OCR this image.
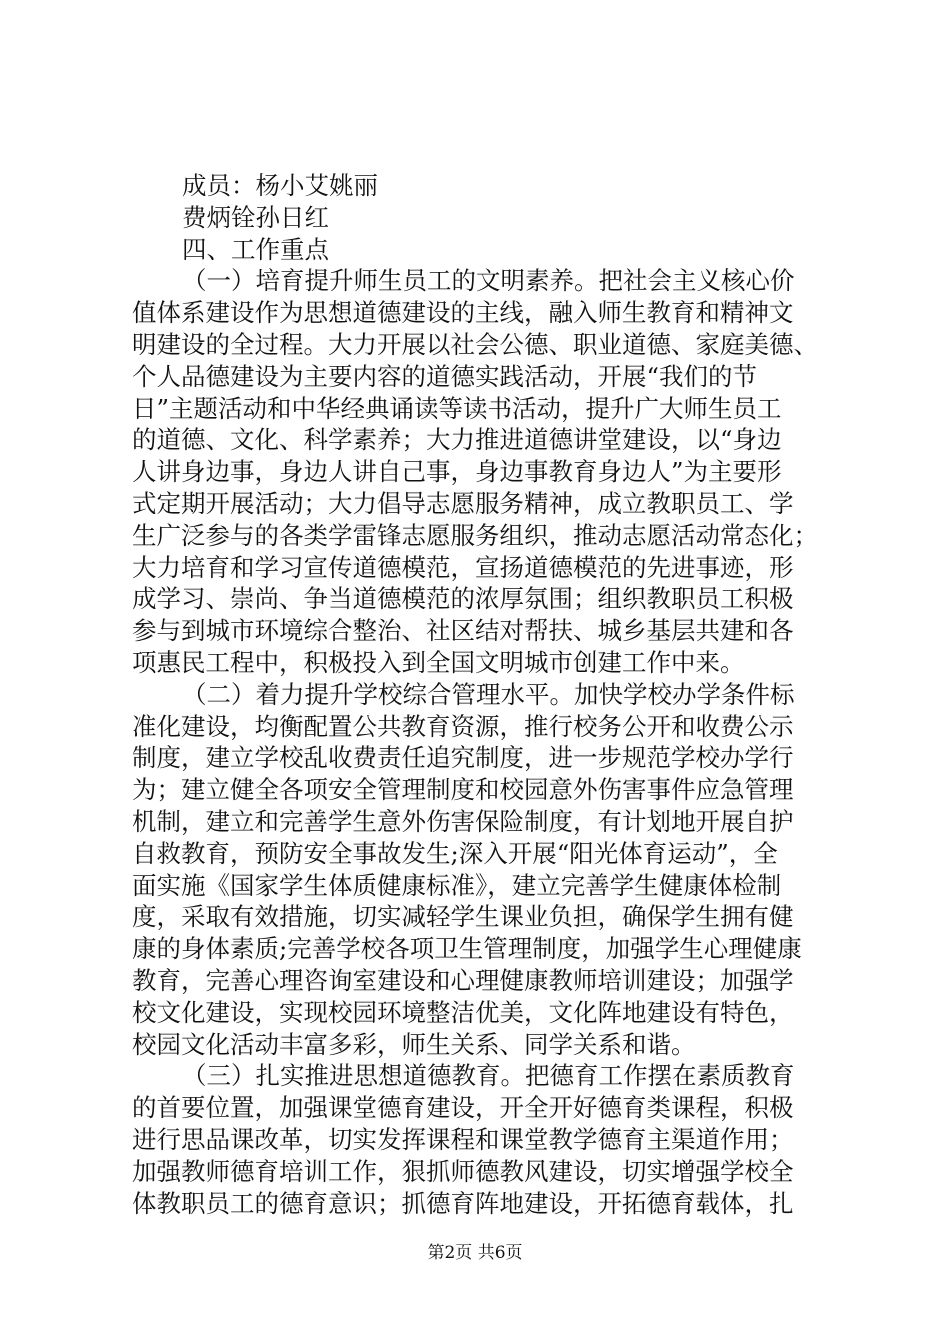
成员：杨小艾姚丽
费炳铨孙日红
四、工作重点
（一）培育提升师生员工的文明素养。把社会主义核心价
值体系建设作为思想道德建设的主线，融入师生教育和精神文
明建设的全过程。大力开展以社会公德、职业道德、家庭美德、
个人品德建设为主要内容的道德实践活动，开展“我们的节
日”主题活动和中华经典诵读等读书活动，提升广大师生员工
的道德、文化、科学素养；大力推进道德讲堂建设，以“身边
人讲身边事，身边人讲自己事，身边事教育身边人”为主要形
式定期开展活动；大力倡导志愿服务精神，成立教职员工、学
生广泛参与的各类学雷锋志愿服务组织，推动志愿活动常态化；
大力培育和学习宣传道德模范，宣扬道德模范的先进事迹，形
成学习、崇尚、争当道德模范的浓厚氛围；组织教职员工积极
参与到城市环境综合整治、社区结对帮扶、城乡基层共建和各
项惠民工程中，积极投入到全国文明城市创建工作中来。
（二）着力提升学校综合管理水平。加快学校办学条件标
准化建设，均衡配置公共教育资源，推行校务公开和收费公示
制度，建立学校乱收费责任追究制度，进一步规范学校办学行
为；建立健全各项安全管理制度和校园意外伤害事件应急管理
机制，建立和完善学生意外伤害保险制度，有计划地开展自护
自救教育，预防安全事故发生;深入开展“阳光体育运动”，全
面实施《国家学生体质健康标准》，建立完善学生健康体检制
度，采取有效措施，切实减轻学生课业负担，确保学生拥有健
康的身体素质;完善学校各项卫生管理制度，加强学生心理健康
教育，完善心理咨询室建设和心理健康教师培训建设；加强学
校文化建设，实现校园环境整洁优美，文化阵地建设有特色，
校园文化活动丰富多彩，师生关系、同学关系和谐。
（三）扎实推进思想道德教育。把德育工作摆在素质教育
的首要位置，加强课堂德育建设，开全开好德育类课程，积极
进行思品课改革，切实发挥课程和课堂教学德育主渠道作用；
加强教师德育培训工作，狠抓师德教风建设，切实增强学校全
体教职员工的德育意识；抓德育阵地建设，开拓德育载体，扎
第2页 共6页
